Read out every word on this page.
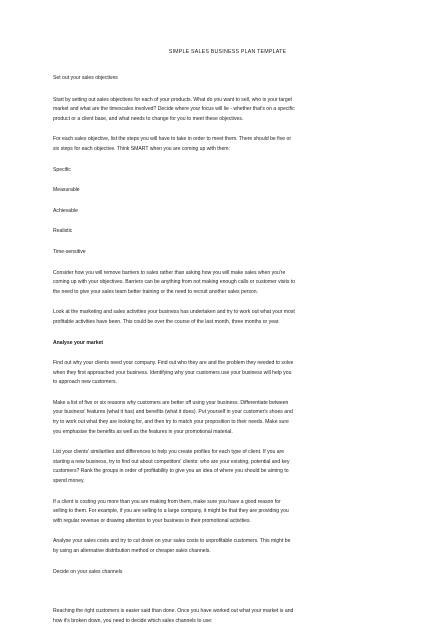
SIMPLE SALES BUSINESS PLAN TEMPLATE

Set out your sales objectives

Start by setting out sales objectives for each of your products. What do you want to sell, who is your target

market and what are the timescales involved? Decide where your focus will lie - whether that's on a specific

product or a client base, and what needs to change for you to meet these objectives.

For each sales objective, list the steps you will have to take in order to meet them. There should be five or

six steps for each objective. Think SMART when you are coming up with them:

Specific

Measurable

Achievable

Realistic

Time-sensitive

Consider how you will remove barriers to sales rather than asking how you will make sales when you're

coming up with your objectives. Barriers can be anything from not making enough calls or customer visits to

the need to give your sales team better training or the need to recruit another sales person.

Look at the marketing and sales activities your business has undertaken and try to work out what your most

profitable activities have been. This could be over the course of the last month, three months or year.

Analyse your market

Find out why your clients need your company. Find out who they are and the problem they needed to solve

when they first approached your business. Identifying why your customers use your business will help you

to approach new customers.

Make a list of five or six reasons why customers are better off using your business. Differentiate between

your business' features (what it has) and benefits (what it does). Put yourself in your customer's shoes and

try to work out what they are looking for, and then try to match your proposition to their needs. Make sure

you emphasise the benefits as well as the features in your promotional material.

List your clients' similarities and differences to help you create profiles for each type of client. If you are

starting a new business, try to find out about competitors' clients: who are your existing, potential and key

customers? Rank the groups in order of profitability to give you an idea of where you should be aiming to

spend money.

If a client is costing you more than you are making from them, make sure you have a good reason for

selling to them. For example, if you are selling to a large company, it might be that they are providing you

with regular revenue or drawing attention to your business in their promotional activities.

Analyse your sales costs and try to cut down on your sales costs to unprofitable customers. This might be

by using an alternative distribution method or cheaper sales channels.

Decide on your sales channels

Reaching the right customers is easier said than done. Once you have worked out what your market is and

how it's broken down, you need to decide which sales channels to use:
